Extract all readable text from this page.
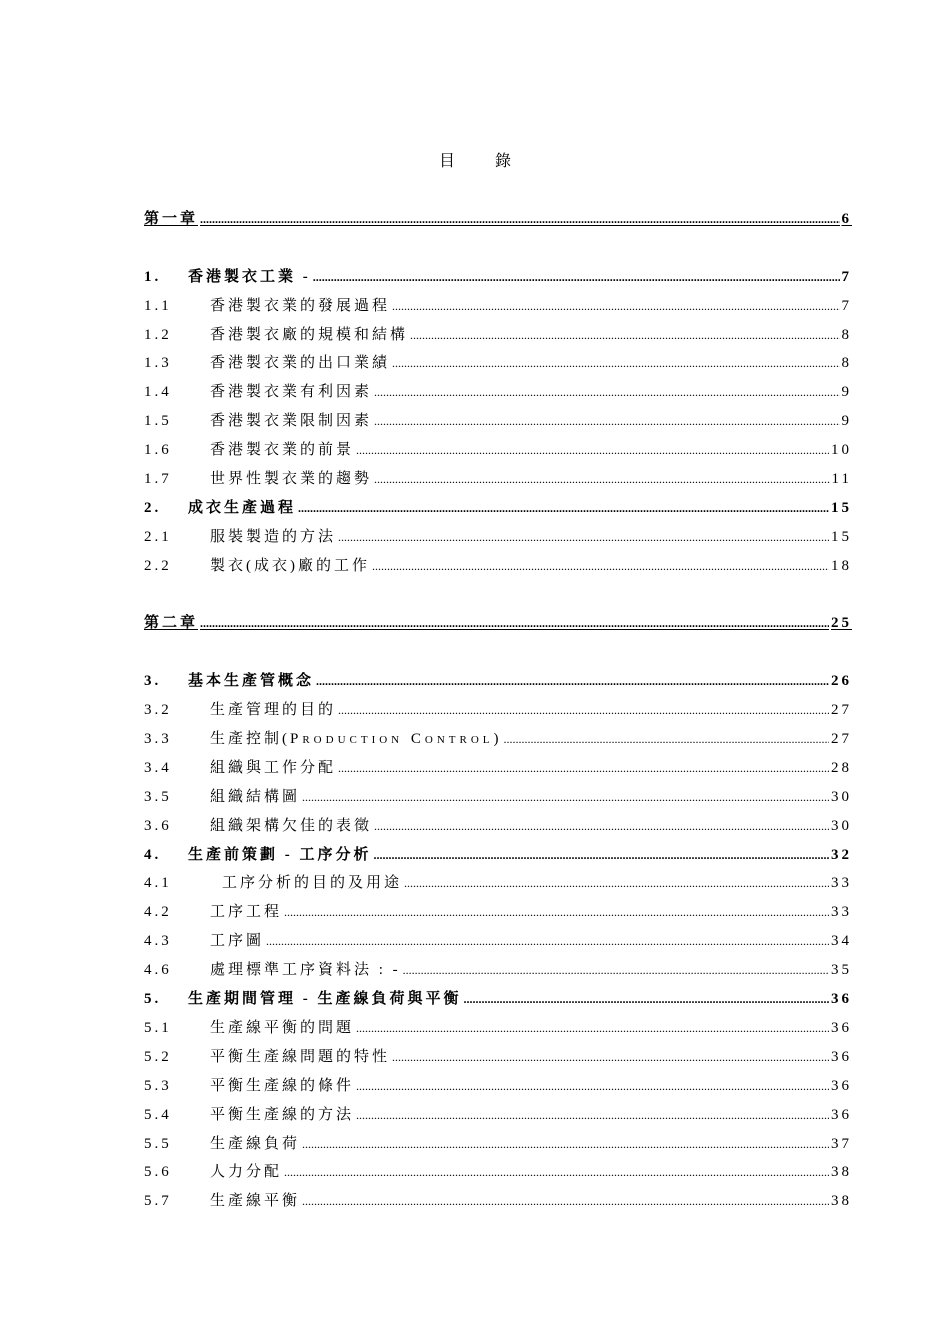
目 錄
第一章 .....	6
1.	香港製衣工業 - .....	7
1.1	香港製衣業的發展過程 .....	7
1.2	香港製衣廠的規模和結構 .....	8
1.3	香港製衣業的出口業績 .....	8
1.4	香港製衣業有利因素 .....	9
1.5	香港製衣業限制因素 .....	9
1.6	香港製衣業的前景 .....	10
1.7	世界性製衣業的趨勢 .....	11
2.	成衣生產過程 .....	15
2.1	服裝製造的方法 .....	15
2.2	製衣(成衣)廠的工作 .....	18
第二章 .....	25
3.	基本生產管概念 .....	26
3.2	生產管理的目的 .....	27
3.3	生產控制(Production Control) .....	27
3.4	組織與工作分配 .....	28
3.5	組織結構圖 .....	30
3.6	組織架構欠佳的表徵 .....	30
4.	生產前策劃 - 工序分析 .....	32
4.1	工序分析的目的及用途 .....	33
4.2	工序工程 .....	33
4.3	工序圖 .....	34
4.6	處理標準工序資料法 : - .....	35
5.	生產期間管理 - 生產線負荷與平衡 .....	36
5.1	生產線平衡的問題 .....	36
5.2	平衡生產線問題的特性 .....	36
5.3	平衡生產線的條件 .....	36
5.4	平衡生產線的方法 .....	36
5.5	生產線負荷 .....	37
5.6	人力分配 .....	38
5.7	生產線平衡 .....	38
